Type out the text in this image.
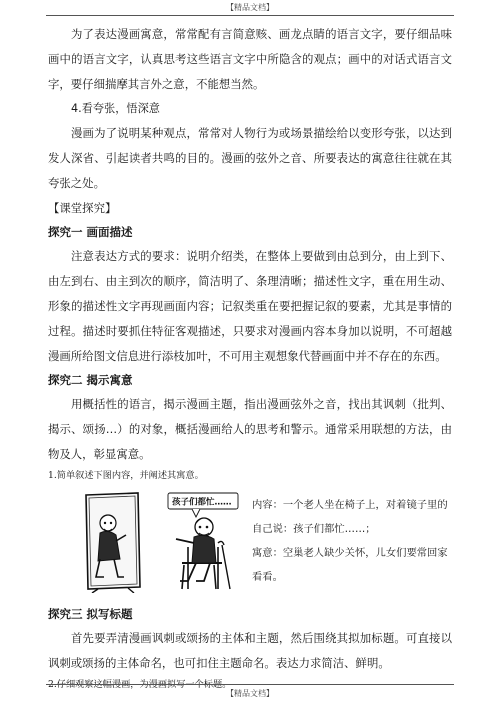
【精品文档】

为了表达漫画寓意，常常配有言简意赅、画龙点睛的语言文字，要仔细品味画中的语言文字，认真思考这些语言文字中所隐含的观点；画中的对话式语言文字，要仔细揣摩其言外之意，不能想当然。

4.看夸张，悟深意

漫画为了说明某种观点，常常对人物行为或场景描绘给以变形夸张，以达到发人深省、引起读者共鸣的目的。漫画的弦外之音、所要表达的寓意往往就在其夸张之处。

【课堂探究】

探究一 画面描述

注意表达方式的要求：说明介绍类，在整体上要做到由总到分，由上到下、由左到右、由主到次的顺序，简洁明了、条理清晰；描述性文字，重在用生动、形象的描述性文字再现画面内容；记叙类重在要把握记叙的要素，尤其是事情的过程。描述时要抓住特征客观描述，只要求对漫画内容本身加以说明，不可超越漫画所给图文信息进行添枝加叶，不可用主观想象代替画面中并不存在的东西。

探究二 揭示寓意

用概括性的语言，揭示漫画主题，指出漫画弦外之音，找出其讽刺（批判、揭示、颂扬…）的对象，概括漫画给人的思考和警示。通常采用联想的方法，由物及人，彰显寓意。

1.简单叙述下图内容，并阐述其寓意。

孩子们都忙…… 内容：一个老人坐在椅子上，对着镜子里的自己说：孩子们都忙……；
寓意：空巢老人缺少关怀，儿女们要常回家看看。

探究三 拟写标题

首先要弄清漫画讽刺或颂扬的主体和主题，然后围绕其拟加标题。可直接以讽刺或颂扬的主体命名，也可扣住主题命名。表达力求简洁、鲜明。

2.仔细观察这幅漫画，为漫画拟写一个标题。

【精品文档】
